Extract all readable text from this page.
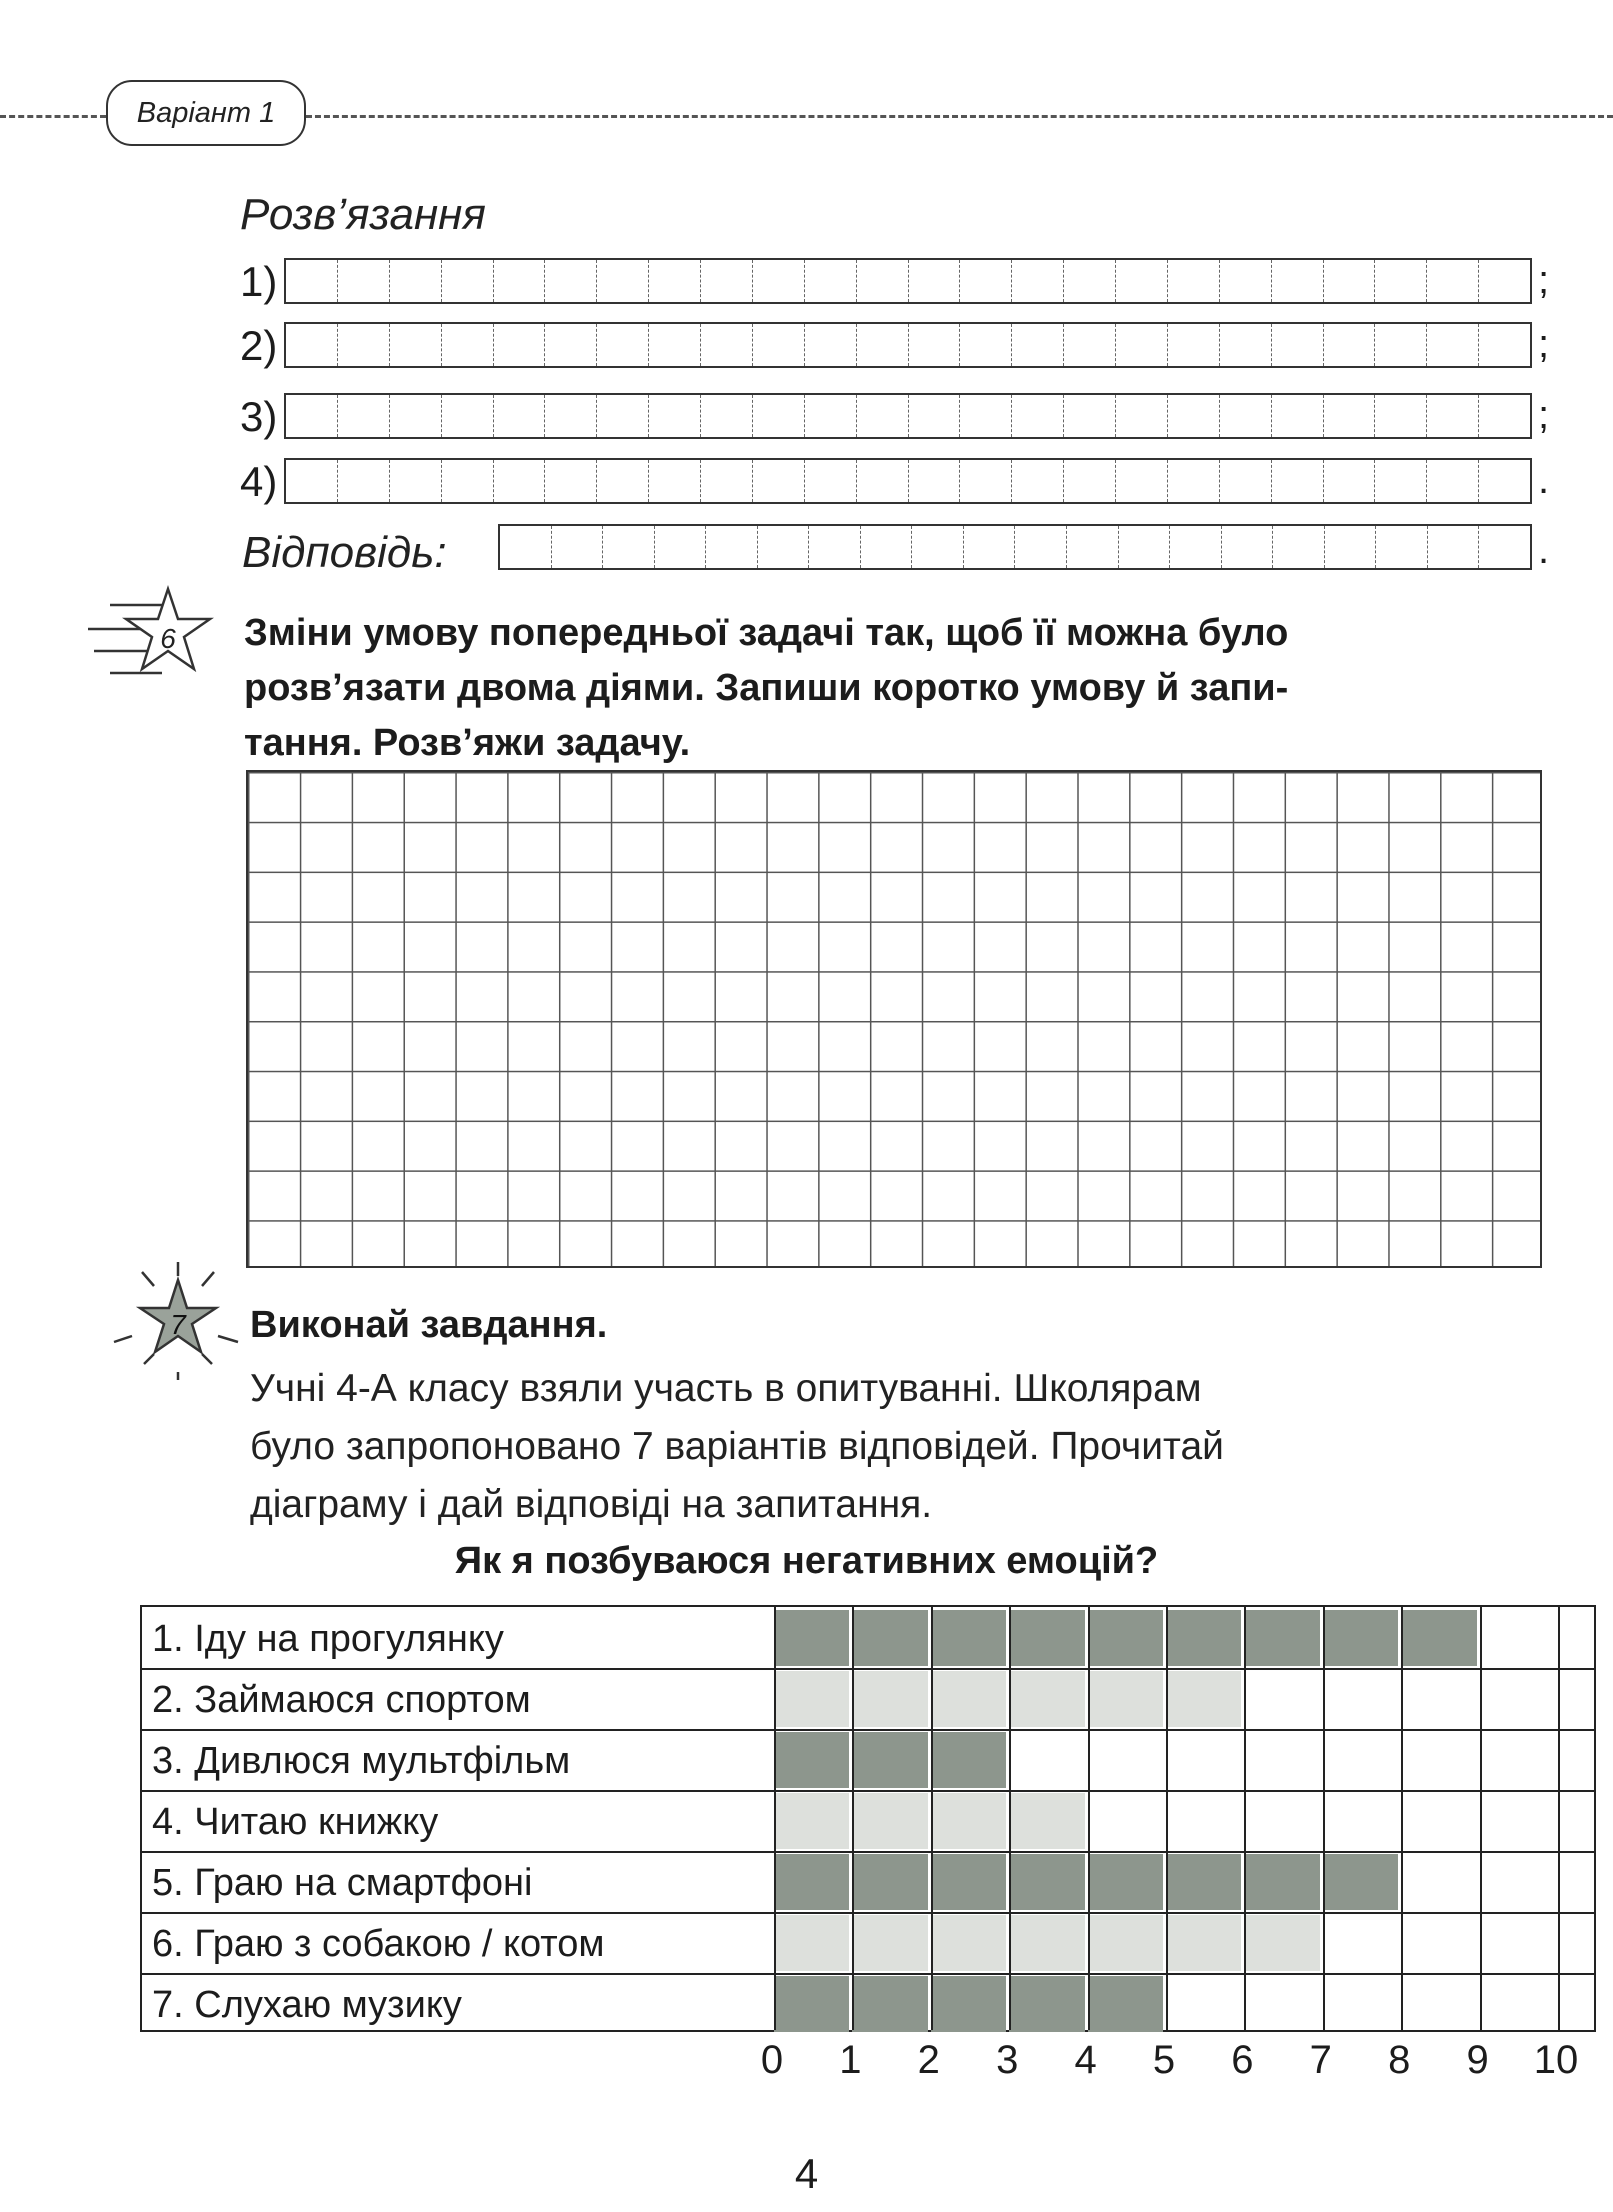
Варіант 1
Розв’язання
1)	;
2)	;
3)	;
4)	.
Відповідь:	.
6 Зміни умову попередньої задачі так, щоб її можна було
розв’язати двома діями. Запиши коротко умову й запи-
тання. Розв’яжи задачу.
7 Виконай завдання.
Учні 4-А класу взяли участь в опитуванні. Школярам
було запропоновано 7 варіантів відповідей. Прочитай
діаграму і дай відповіді на запитання.
Як я позбуваюся негативних емоцій?
1. Іду на прогулянку
2. Займаюся спортом
3. Дивлюся мультфільм
4. Читаю книжку
5. Граю на смартфоні
6. Граю з собакою / котом
7. Слухаю музику
0	1	2	3	4	5	6	7	8	9	10
4
